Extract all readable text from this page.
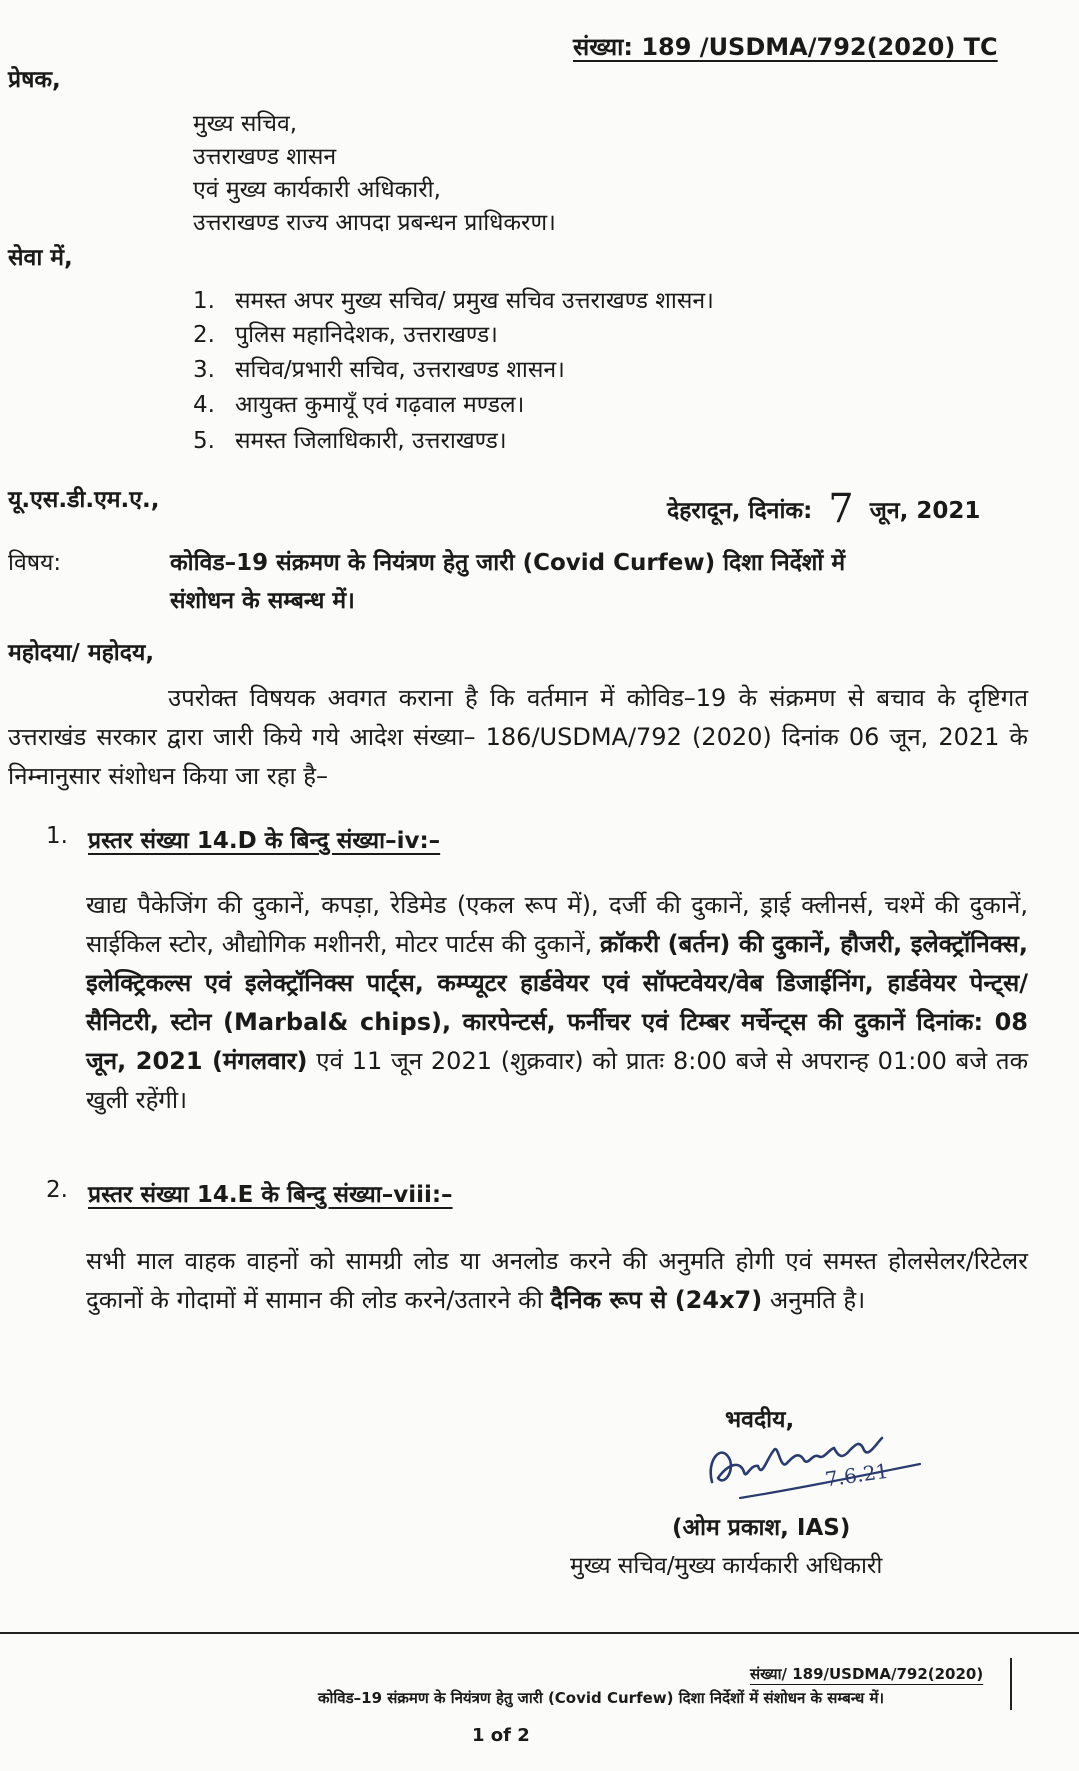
संख्या: 189 /USDMA/792(2020) TC
प्रेषक,
मुख्य सचिव,
उत्तराखण्ड शासन
एवं मुख्य कार्यकारी अधिकारी,
उत्तराखण्ड राज्य आपदा प्रबन्धन प्राधिकरण।
सेवा में,
1. समस्त अपर मुख्य सचिव/ प्रमुख सचिव उत्तराखण्ड शासन।
2. पुलिस महानिदेशक, उत्तराखण्ड।
3. सचिव/प्रभारी सचिव, उत्तराखण्ड शासन।
4. आयुक्त कुमायूँ एवं गढ़वाल मण्डल।
5. समस्त जिलाधिकारी, उत्तराखण्ड।
यू.एस.डी.एम.ए.,	देहरादून, दिनांक: 7 जून, 2021
विषय:	कोविड–19 संक्रमण के नियंत्रण हेतु जारी (Covid Curfew) दिशा निर्देशों में
संशोधन के सम्बन्ध में।
महोदया/ महोदय,
उपरोक्त विषयक अवगत कराना है कि वर्तमान में कोविड–19 के संक्रमण से बचाव के दृष्टिगत उत्तराखंड सरकार द्वारा जारी किये गये आदेश संख्या– 186/USDMA/792 (2020) दिनांक 06 जून, 2021 के निम्नानुसार संशोधन किया जा रहा है–
1. प्रस्तर संख्या 14.D के बिन्दु संख्या–iv:–
खाद्य पैकेजिंग की दुकानें, कपड़ा, रेडिमेड (एकल रूप में), दर्जी की दुकानें, ड्राई क्लीनर्स, चश्में की दुकानें, साईकिल स्टोर, औद्योगिक मशीनरी, मोटर पार्टस की दुकानें, क्रॉकरी (बर्तन) की दुकानें, हौजरी, इलेक्ट्रॉनिक्स, इलेक्ट्रिकल्स एवं इलेक्ट्रॉनिक्स पार्ट्स, कम्प्यूटर हार्डवेयर एवं सॉफ्टवेयर/वेब डिजाईनिंग, हार्डवेयर पेन्ट्स/सैनिटरी, स्टोन (Marbal& chips), कारपेन्टर्स, फर्नीचर एवं टिम्बर मर्चेन्ट्स की दुकानें दिनांक: 08 जून, 2021 (मंगलवार) एवं 11 जून 2021 (शुक्रवार) को प्रातः 8:00 बजे से अपरान्ह 01:00 बजे तक खुली रहेंगी।
2. प्रस्तर संख्या 14.E के बिन्दु संख्या–viii:–
सभी माल वाहक वाहनों को सामग्री लोड या अनलोड करने की अनुमति होगी एवं समस्त होलसेलर/रिटेलर दुकानों के गोदामों में सामान की लोड करने/उतारने की दैनिक रूप से (24x7) अनुमति है।
भवदीय,
7.6.21
(ओम प्रकाश, IAS)
मुख्य सचिव/मुख्य कार्यकारी अधिकारी
संख्या/ 189/USDMA/792(2020)
कोविड–19 संक्रमण के नियंत्रण हेतु जारी (Covid Curfew) दिशा निर्देशों में संशोधन के सम्बन्ध में।
1 of 2
